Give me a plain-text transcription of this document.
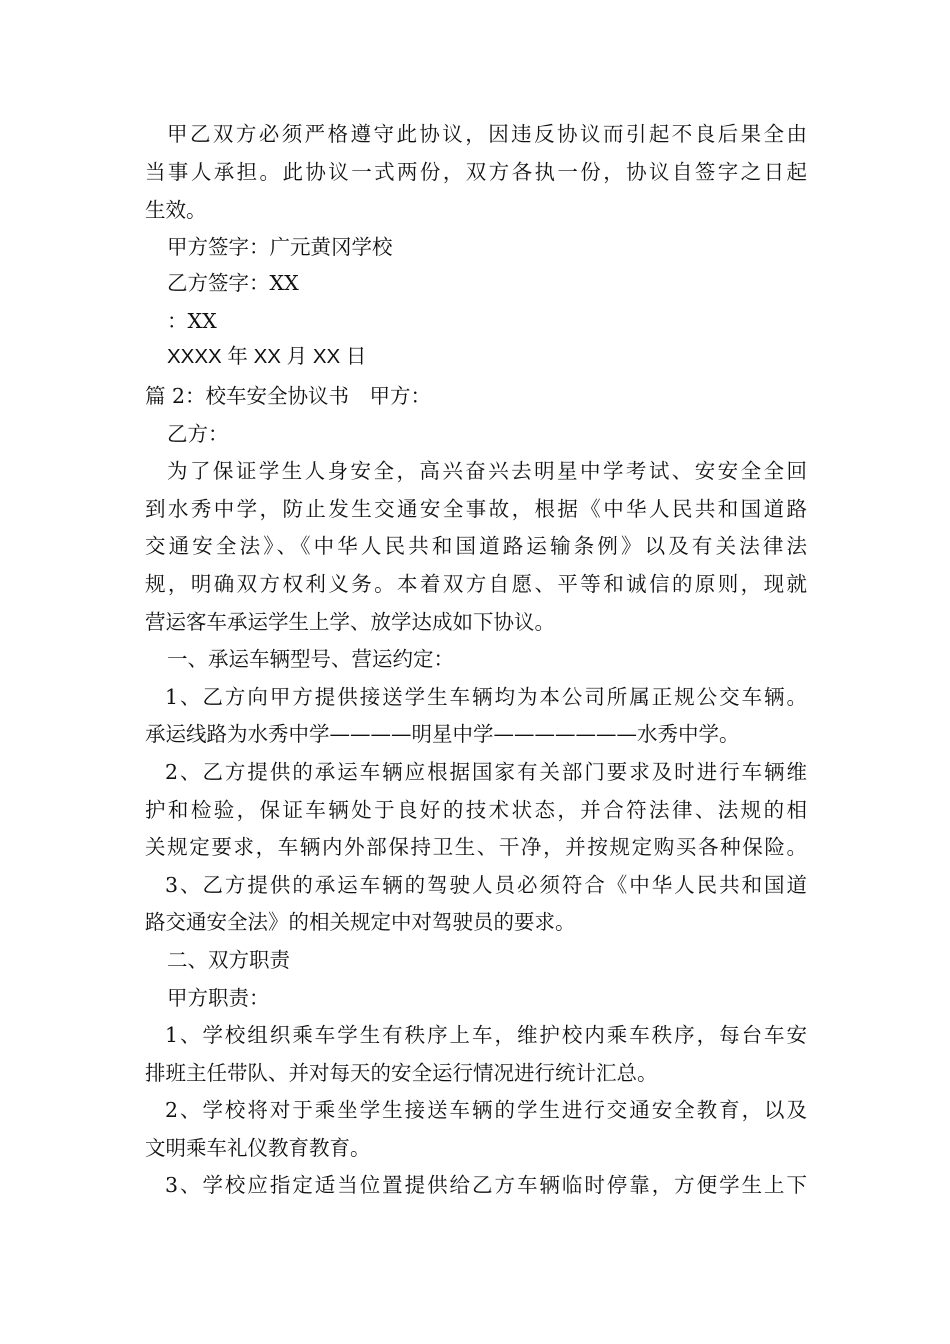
甲乙双方必须严格遵守此协议，因违反协议而引起不良后果全由
当事人承担。此协议一式两份，双方各执一份，协议自签字之日起
生效。
甲方签字：广元黄冈学校
乙方签字：XX
：XX
XXXX 年 XX 月 XX 日
篇 2：校车安全协议书　甲方：
乙方：
为了保证学生人身安全，高兴奋兴去明星中学考试、安安全全回
到水秀中学，防止发生交通安全事故，根据《中华人民共和国道路
交通安全法》、《中华人民共和国道路运输条例》以及有关法律法
规，明确双方权利义务。本着双方自愿、平等和诚信的原则，现就
营运客车承运学生上学、放学达成如下协议。
一、承运车辆型号、营运约定：
1、乙方向甲方提供接送学生车辆均为本公司所属正规公交车辆。
承运线路为水秀中学————明星中学———————水秀中学。
2、乙方提供的承运车辆应根据国家有关部门要求及时进行车辆维
护和检验，保证车辆处于良好的技术状态，并合符法律、法规的相
关规定要求，车辆内外部保持卫生、干净，并按规定购买各种保险。
3、乙方提供的承运车辆的驾驶人员必须符合《中华人民共和国道
路交通安全法》的相关规定中对驾驶员的要求。
二、双方职责
甲方职责：
1、学校组织乘车学生有秩序上车，维护校内乘车秩序，每台车安
排班主任带队、并对每天的安全运行情况进行统计汇总。
2、学校将对于乘坐学生接送车辆的学生进行交通安全教育，以及
文明乘车礼仪教育教育。
3、学校应指定适当位置提供给乙方车辆临时停靠，方便学生上下
